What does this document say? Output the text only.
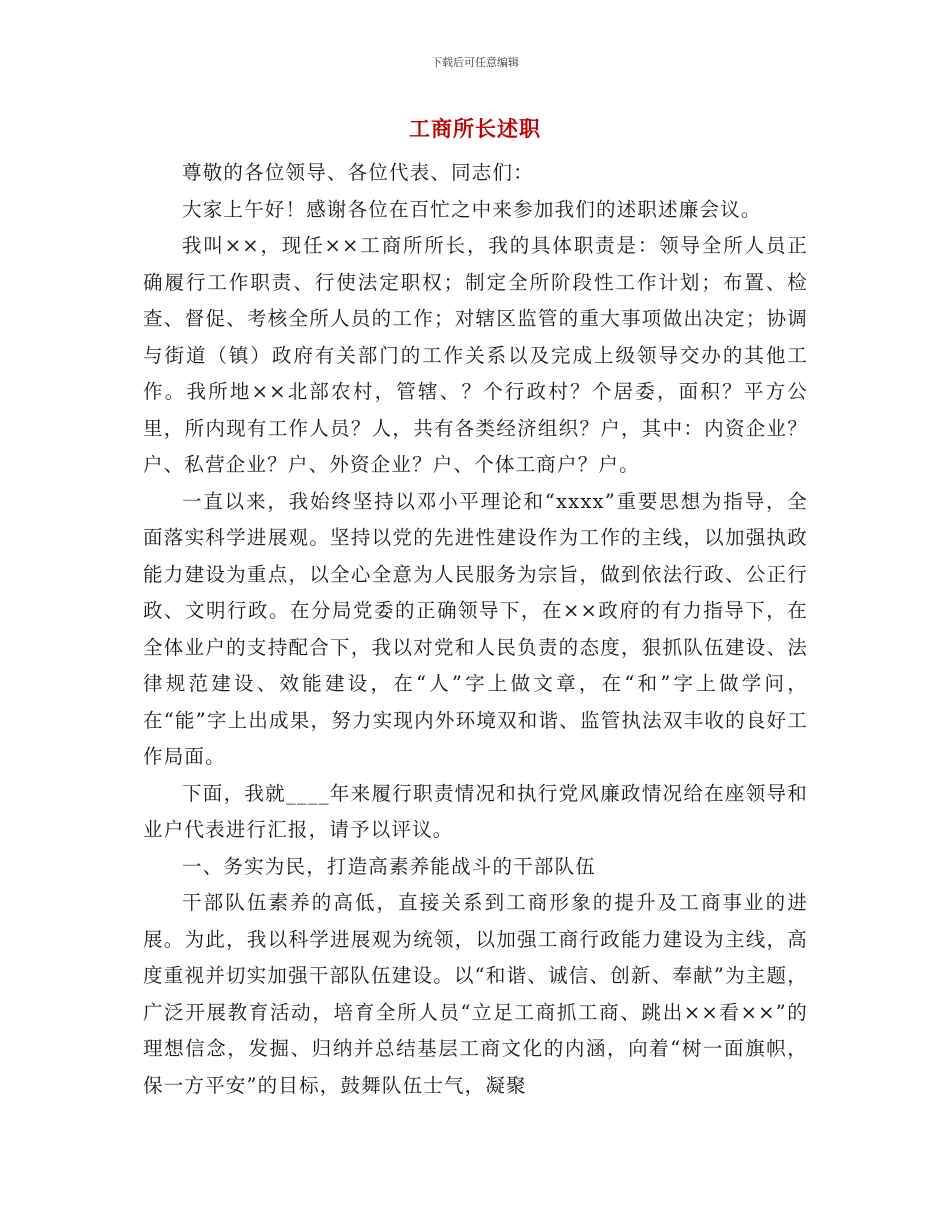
下载后可任意编辑
工商所长述职

尊敬的各位领导、各位代表、同志们：

大家上午好！感谢各位在百忙之中来参加我们的述职述廉会议。

我叫××，现任××工商所所长，我的具体职责是：领导全所人员正确履行工作职责、行使法定职权；制定全所阶段性工作计划；布置、检查、督促、考核全所人员的工作；对辖区监管的重大事项做出决定；协调与街道（镇）政府有关部门的工作关系以及完成上级领导交办的其他工作。我所地××北部农村，管辖、？个行政村？个居委，面积？平方公里，所内现有工作人员？人，共有各类经济组织？户，其中：内资企业？户、私营企业？户、外资企业？户、个体工商户？户。

一直以来，我始终坚持以邓小平理论和“xxxx”重要思想为指导，全面落实科学进展观。坚持以党的先进性建设作为工作的主线，以加强执政能力建设为重点，以全心全意为人民服务为宗旨，做到依法行政、公正行政、文明行政。在分局党委的正确领导下，在××政府的有力指导下，在全体业户的支持配合下，我以对党和人民负责的态度，狠抓队伍建设、法律规范建设、效能建设，在“人”字上做文章，在“和”字上做学问，在“能”字上出成果，努力实现内外环境双和谐、监管执法双丰收的良好工作局面。

下面，我就____年来履行职责情况和执行党风廉政情况给在座领导和业户代表进行汇报，请予以评议。

一、务实为民，打造高素养能战斗的干部队伍

干部队伍素养的高低，直接关系到工商形象的提升及工商事业的进展。为此，我以科学进展观为统领，以加强工商行政能力建设为主线，高度重视并切实加强干部队伍建设。以“和谐、诚信、创新、奉献”为主题，广泛开展教育活动，培育全所人员“立足工商抓工商、跳出××看××”的理想信念，发掘、归纳并总结基层工商文化的内涵，向着“树一面旗帜，保一方平安”的目标，鼓舞队伍士气，凝聚
